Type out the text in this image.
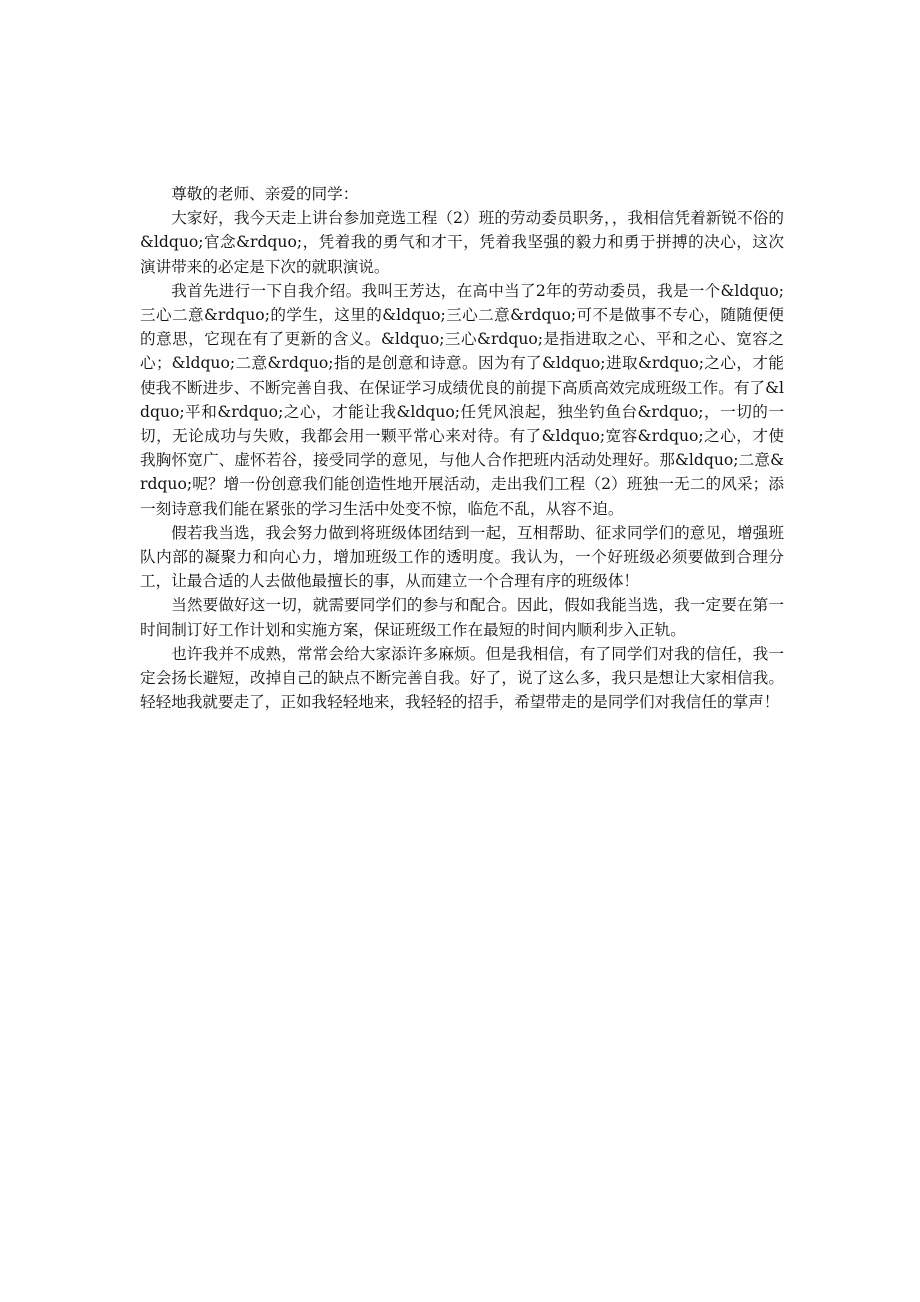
尊敬的老师、亲爱的同学：

大家好，我今天走上讲台参加竞选工程（2）班的劳动委员职务，，我相信凭着新锐不俗的&ldquo;官念&rdquo;，凭着我的勇气和才干，凭着我坚强的毅力和勇于拼搏的决心，这次演讲带来的必定是下次的就职演说。

我首先进行一下自我介绍。我叫王芳达，在高中当了2年的劳动委员，我是一个&ldquo;三心二意&rdquo;的学生，这里的&ldquo;三心二意&rdquo;可不是做事不专心，随随便便的意思，它现在有了更新的含义。&ldquo;三心&rdquo;是指进取之心、平和之心、宽容之心；&ldquo;二意&rdquo;指的是创意和诗意。因为有了&ldquo;进取&rdquo;之心，才能使我不断进步、不断完善自我、在保证学习成绩优良的前提下高质高效完成班级工作。有了&ldquo;平和&rdquo;之心，才能让我&ldquo;任凭风浪起，独坐钓鱼台&rdquo;，一切的一切，无论成功与失败，我都会用一颗平常心来对待。有了&ldquo;宽容&rdquo;之心，才使我胸怀宽广、虚怀若谷，接受同学的意见，与他人合作把班内活动处理好。那&ldquo;二意&rdquo;呢？增一份创意我们能创造性地开展活动，走出我们工程（2）班独一无二的风采；添一刻诗意我们能在紧张的学习生活中处变不惊，临危不乱，从容不迫。

假若我当选，我会努力做到将班级体团结到一起，互相帮助、征求同学们的意见，增强班队内部的凝聚力和向心力，增加班级工作的透明度。我认为，一个好班级必须要做到合理分工，让最合适的人去做他最擅长的事，从而建立一个合理有序的班级体！

当然要做好这一切，就需要同学们的参与和配合。因此，假如我能当选，我一定要在第一时间制订好工作计划和实施方案，保证班级工作在最短的时间内顺利步入正轨。

也许我并不成熟，常常会给大家添许多麻烦。但是我相信，有了同学们对我的信任，我一定会扬长避短，改掉自己的缺点不断完善自我。好了，说了这么多，我只是想让大家相信我。轻轻地我就要走了，正如我轻轻地来，我轻轻的招手，希望带走的是同学们对我信任的掌声！
